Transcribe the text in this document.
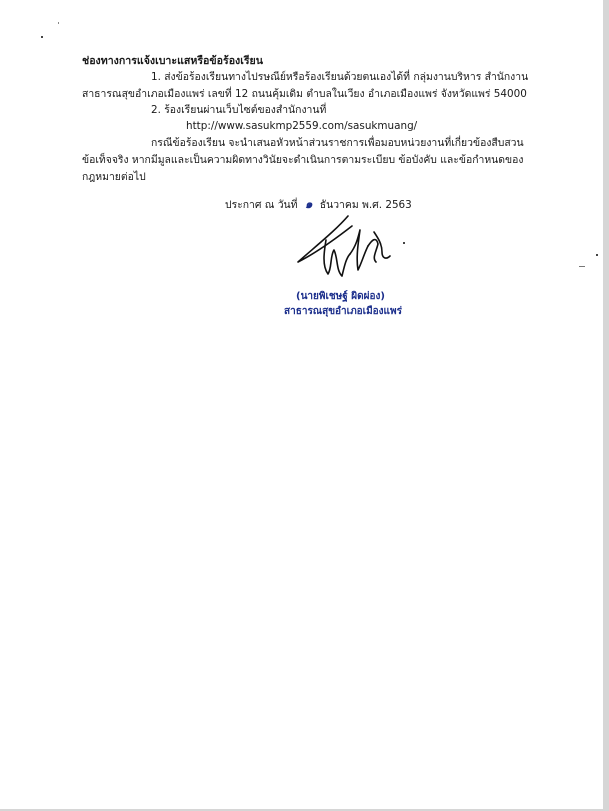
ช่องทางการแจ้งเบาะแสหรือข้อร้องเรียน
1. ส่งข้อร้องเรียนทางไปรษณีย์หรือร้องเรียนด้วยตนเองได้ที่ กลุ่มงานบริหาร สำนักงาน
สาธารณสุขอำเภอเมืองแพร่ เลขที่ 12 ถนนคุ้มเดิม ตำบลในเวียง อำเภอเมืองแพร่ จังหวัดแพร่ 54000
2. ร้องเรียนผ่านเว็บไซต์ของสำนักงานที่
http://www.sasukmp2559.com/sasukmuang/
กรณีข้อร้องเรียน จะนำเสนอหัวหน้าส่วนราชการเพื่อมอบหน่วยงานที่เกี่ยวข้องสืบสวน
ข้อเท็จจริง หากมีมูลและเป็นความผิดทางวินัยจะดำเนินการตามระเบียบ ข้อบังคับ และข้อกำหนดของ
กฎหมายต่อไป
ประกาศ ณ วันที่ ๑ ธันวาคม พ.ศ. 2563
(นายพิเชษฐ์ ผิดผ่อง)
สาธารณสุขอำเภอเมืองแพร่
